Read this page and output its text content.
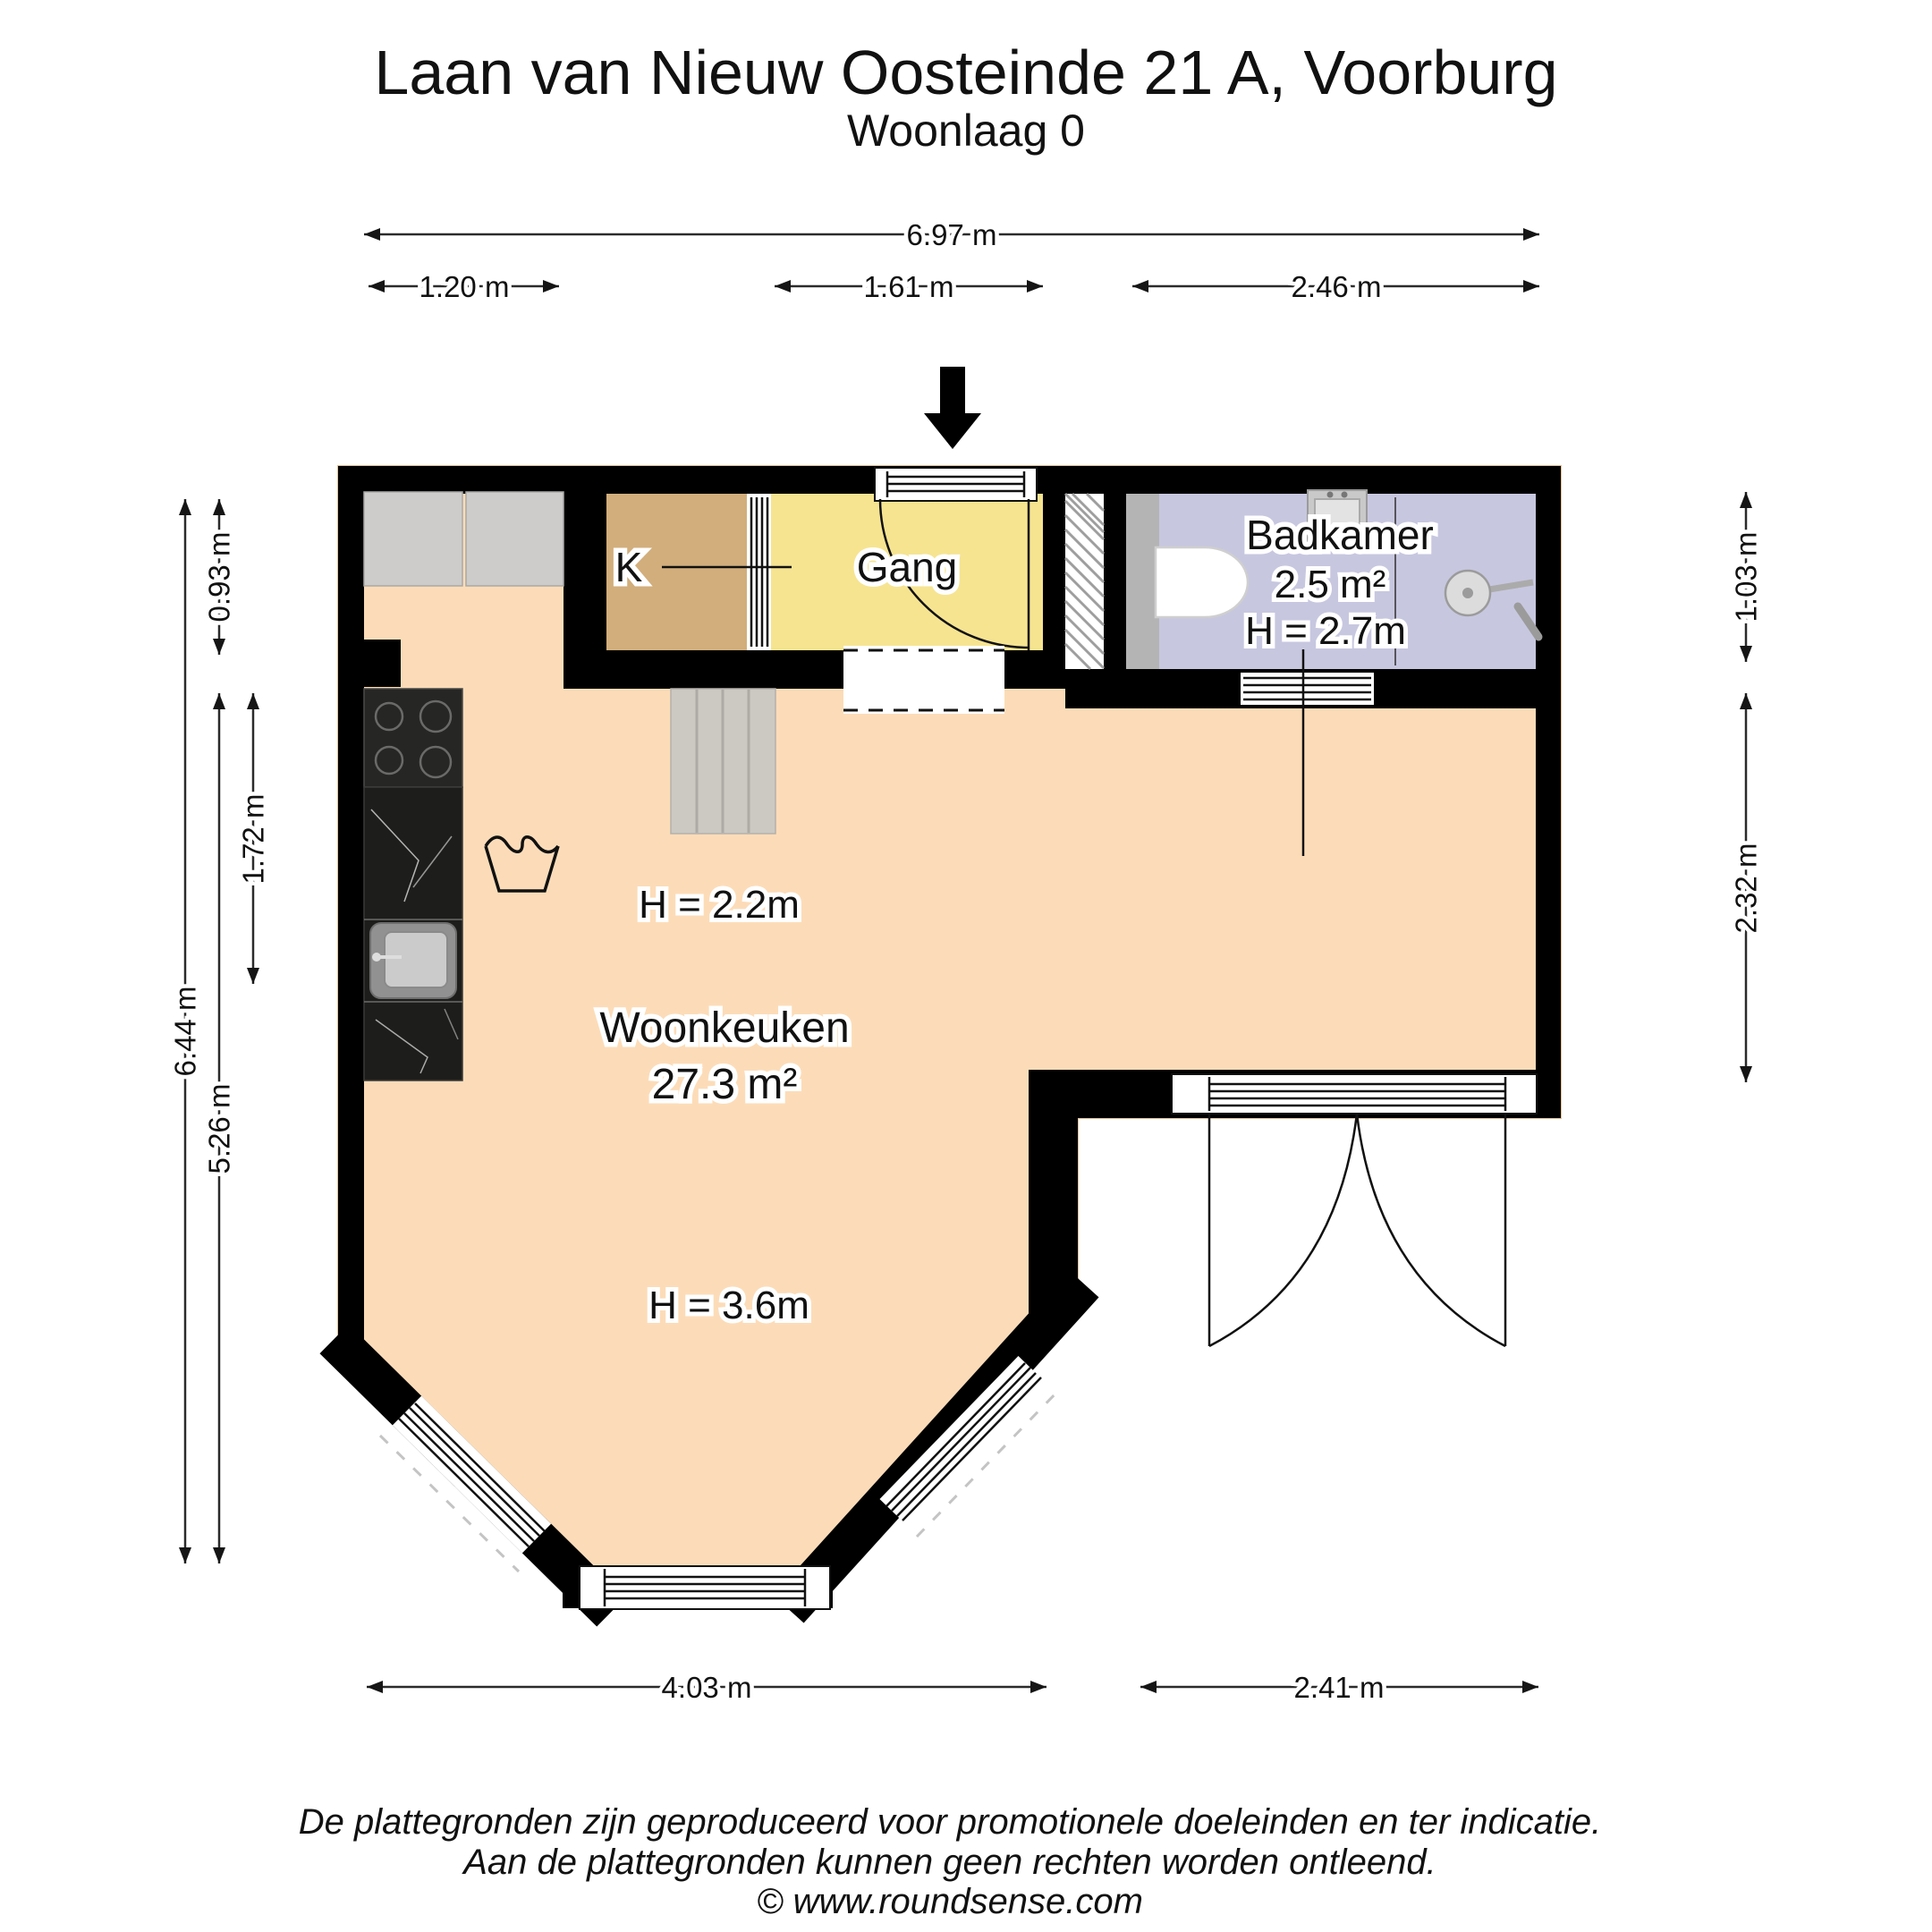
Laan van Nieuw Oosteinde 21 A, Voorburg
Woonlaag 0
K	Gang
Badkamer
2.5 m²
H = 2.7m
H = 2.2m
Woonkeuken
27.3 m²
H = 3.6m
6.97 m
1.20 m	1.61 m	2.46 m
6.44 m
0.93 m
5.26 m
1.72 m
1.03 m
2.32 m
4.03 m	2.41 m
De plattegronden zijn geproduceerd voor promotionele doeleinden en ter indicatie.
Aan de plattegronden kunnen geen rechten worden ontleend.
© www.roundsense.com
